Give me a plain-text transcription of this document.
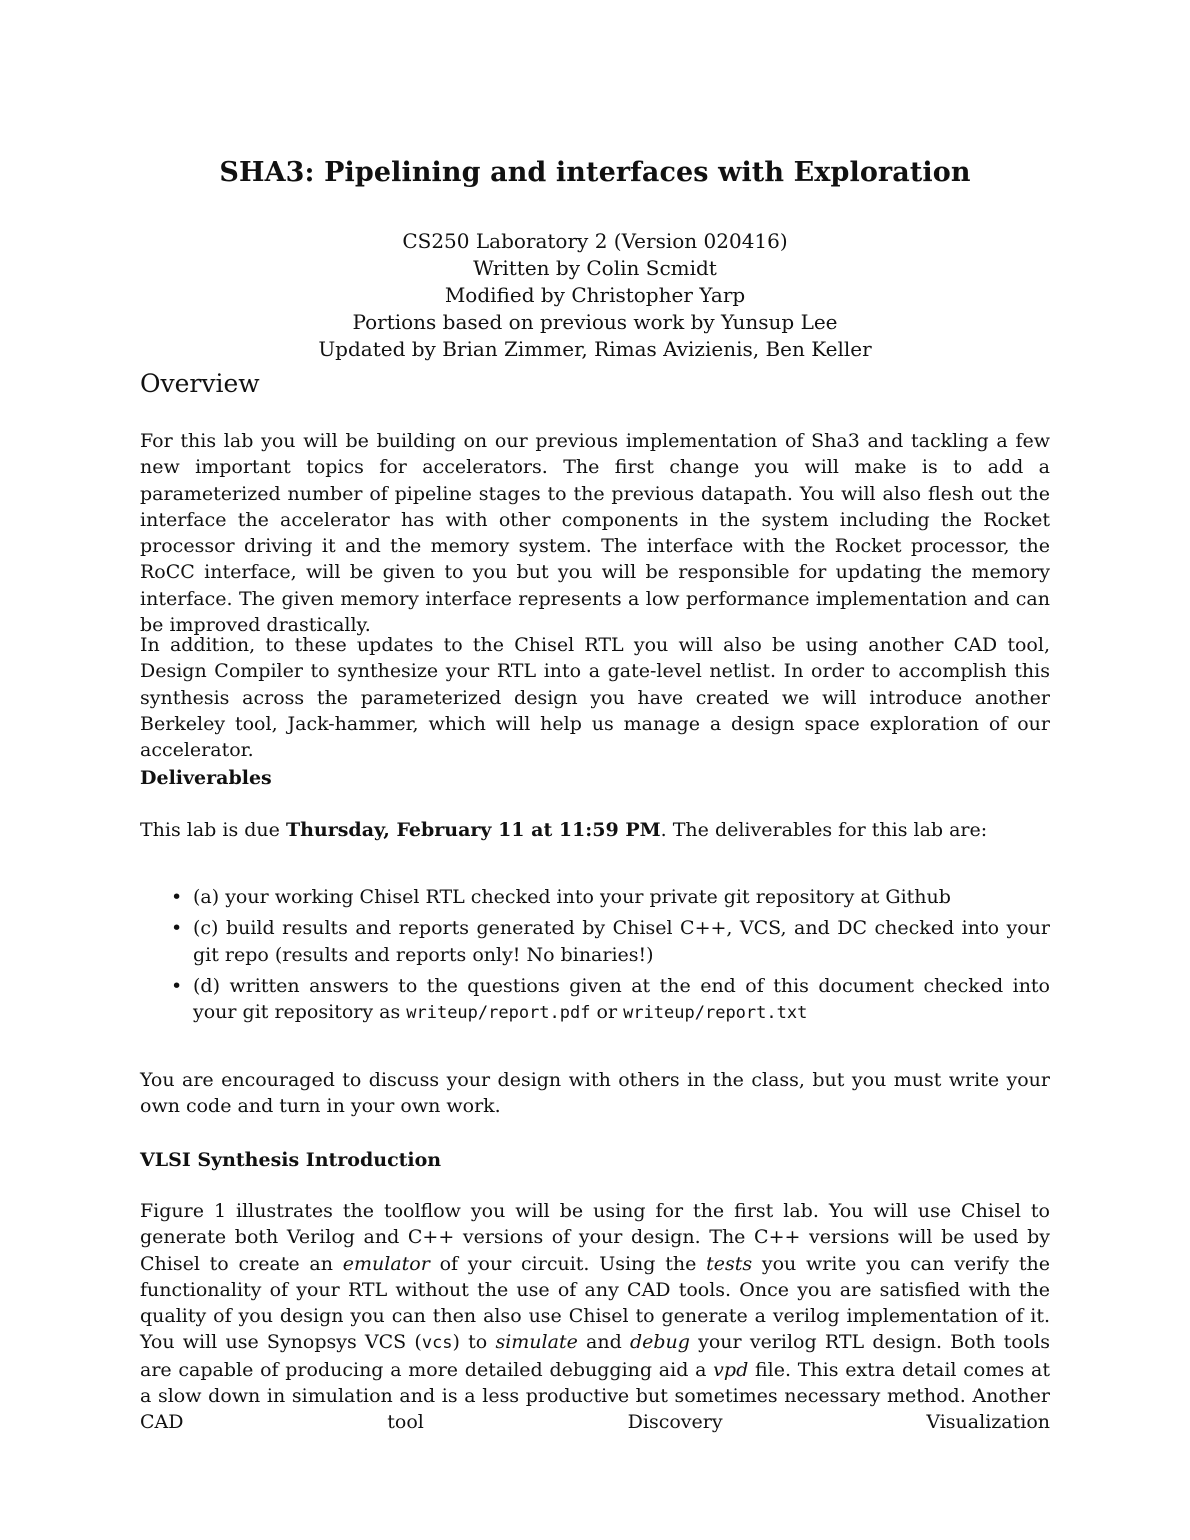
SHA3: Pipelining and interfaces with Exploration
CS250 Laboratory 2 (Version 020416)
Written by Colin Scmidt
Modified by Christopher Yarp
Portions based on previous work by Yunsup Lee
Updated by Brian Zimmer, Rimas Avizienis, Ben Keller
Overview

For this lab you will be building on our previous implementation of Sha3 and tackling a few new important topics for accelerators. The first change you will make is to add a parameterized number of pipeline stages to the previous datapath. You will also flesh out the interface the accelerator has with other components in the system including the Rocket processor driving it and the memory system. The interface with the Rocket processor, the RoCC interface, will be given to you but you will be responsible for updating the memory interface. The given memory interface represents a low performance implementation and can be improved drastically.

In addition, to these updates to the Chisel RTL you will also be using another CAD tool, Design Compiler to synthesize your RTL into a gate-level netlist. In order to accomplish this synthesis across the parameterized design you have created we will introduce another Berkeley tool, Jack-hammer, which will help us manage a design space exploration of our accelerator.

Deliverables

This lab is due Thursday, February 11 at 11:59 PM. The deliverables for this lab are:

• (a) your working Chisel RTL checked into your private git repository at Github
• (c) build results and reports generated by Chisel C++, VCS, and DC checked into your git repo (results and reports only! No binaries!)
• (d) written answers to the questions given at the end of this document checked into your git repository as writeup/report.pdf or writeup/report.txt

You are encouraged to discuss your design with others in the class, but you must write your own code and turn in your own work.

VLSI Synthesis Introduction

Figure 1 illustrates the toolflow you will be using for the first lab. You will use Chisel to generate both Verilog and C++ versions of your design. The C++ versions will be used by Chisel to create an emulator of your circuit. Using the tests you write you can verify the functionality of your RTL without the use of any CAD tools. Once you are satisfied with the quality of you design you can then also use Chisel to generate a verilog implementation of it. You will use Synopsys VCS (vcs) to simulate and debug your verilog RTL design. Both tools are capable of producing a more detailed debugging aid a vpd file. This extra detail comes at a slow down in simulation and is a less productive but sometimes necessary method. Another CAD tool Discovery Visualization
